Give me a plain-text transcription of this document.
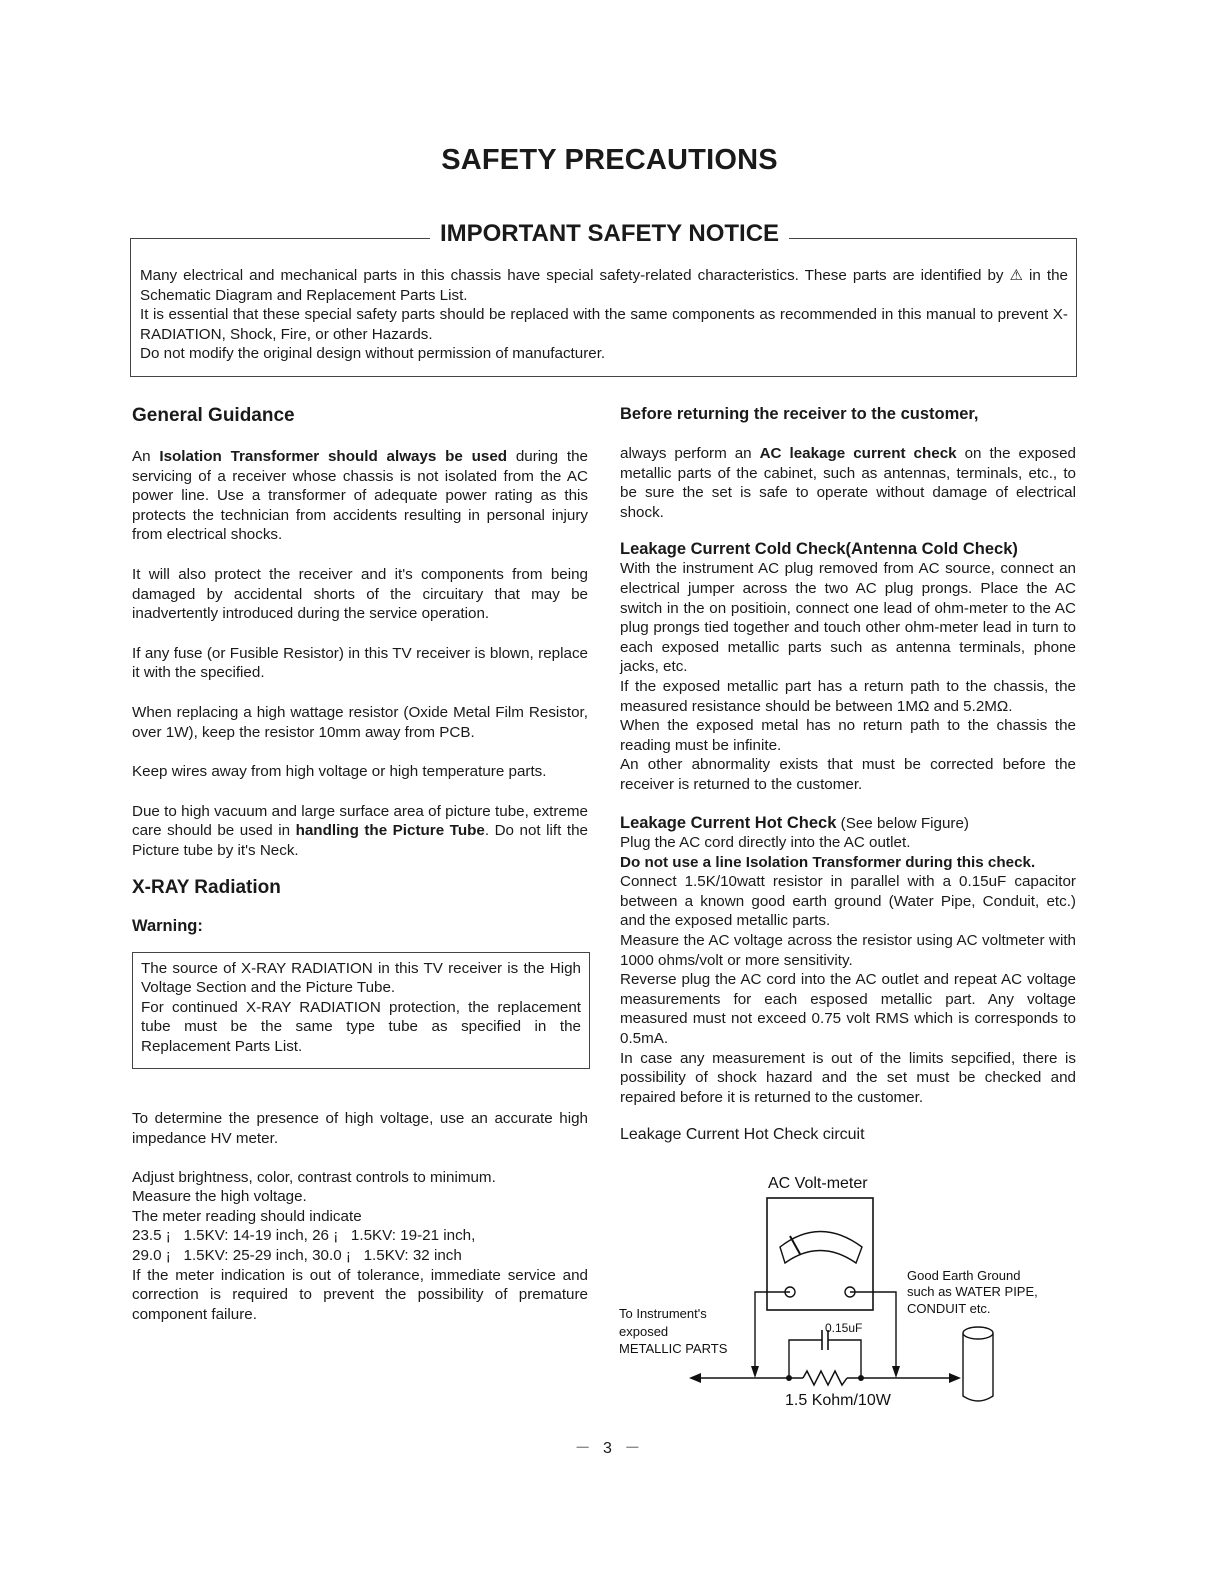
SAFETY PRECAUTIONS
IMPORTANT SAFETY NOTICE

Many electrical and mechanical parts in this chassis have special safety-related characteristics. These parts are identified by ⚠ in the Schematic Diagram and Replacement Parts List.

It is essential that these special safety parts should be replaced with the same components as recommended in this manual to prevent X-RADIATION, Shock, Fire, or other Hazards.

Do not modify the original design without permission of manufacturer.

General Guidance

An Isolation Transformer should always be used during the servicing of a receiver whose chassis is not isolated from the AC power line. Use a transformer of adequate power rating as this protects the technician from accidents resulting in personal injury from electrical shocks.

It will also protect the receiver and it's components from being damaged by accidental shorts of the circuitary that may be inadvertently introduced during the service operation.

If any fuse (or Fusible Resistor) in this TV receiver is blown, replace it with the specified.

When replacing a high wattage resistor (Oxide Metal Film Resistor, over 1W), keep the resistor 10mm away from PCB.

Keep wires away from high voltage or high temperature parts.

Due to high vacuum and large surface area of picture tube, extreme care should be used in handling the Picture Tube. Do not lift the Picture tube by it's Neck.

X-RAY Radiation
Warning:

The source of X-RAY RADIATION in this TV receiver is the High Voltage Section and the Picture Tube.

For continued X-RAY RADIATION protection, the replacement tube must be the same type tube as specified in the Replacement Parts List.

To determine the presence of high voltage, use an accurate high impedance HV meter.

Adjust brightness, color, contrast controls to minimum.

Measure the high voltage.

The meter reading should indicate

23.5 ¡   1.5KV: 14-19 inch, 26 ¡   1.5KV: 19-21 inch,

29.0 ¡   1.5KV: 25-29 inch, 30.0 ¡   1.5KV: 32 inch

If the meter indication is out of tolerance, immediate service and correction is required to prevent the possibility of premature component failure.

Before returning the receiver to the customer,

always perform an AC leakage current check on the exposed metallic parts of the cabinet, such as antennas, terminals, etc., to be sure the set is safe to operate without damage of electrical shock.

Leakage Current Cold Check(Antenna Cold Check)

With the instrument AC plug removed from AC source, connect an electrical jumper across the two AC plug prongs. Place the AC switch in the on positioin, connect one lead of ohm-meter to the AC plug prongs tied together and touch other ohm-meter lead in turn to each exposed metallic parts such as antenna terminals, phone jacks, etc.

If the exposed metallic part has a return path to the chassis, the measured resistance should be between 1MΩ and 5.2MΩ.

When the exposed metal has no return path to the chassis the reading must be infinite.

An other abnormality exists that must be corrected before the receiver is returned to the customer.

Leakage Current Hot Check (See below Figure)

Plug the AC cord directly into the AC outlet.

Do not use a line Isolation Transformer during this check.

Connect 1.5K/10watt resistor in parallel with a 0.15uF capacitor between a known good earth ground (Water Pipe, Conduit, etc.) and the exposed metallic parts.

Measure the AC voltage across the resistor using AC voltmeter with 1000 ohms/volt or more sensitivity.

Reverse plug the AC cord into the AC outlet and repeat AC voltage measurements for each esposed metallic part. Any voltage measured must not exceed 0.75 volt RMS which is corresponds to 0.5mA.

In case any measurement is out of the limits sepcified, there is possibility of shock hazard and the set must be checked and repaired before it is returned to the customer.

Leakage Current Hot Check circuit

AC Volt-meter
0.15uF
1.5 Kohm/10W
To Instrument's
exposed
METALLIC PARTS
Good Earth Ground
such as WATER PIPE,
CONDUIT etc.
－ 3 －
